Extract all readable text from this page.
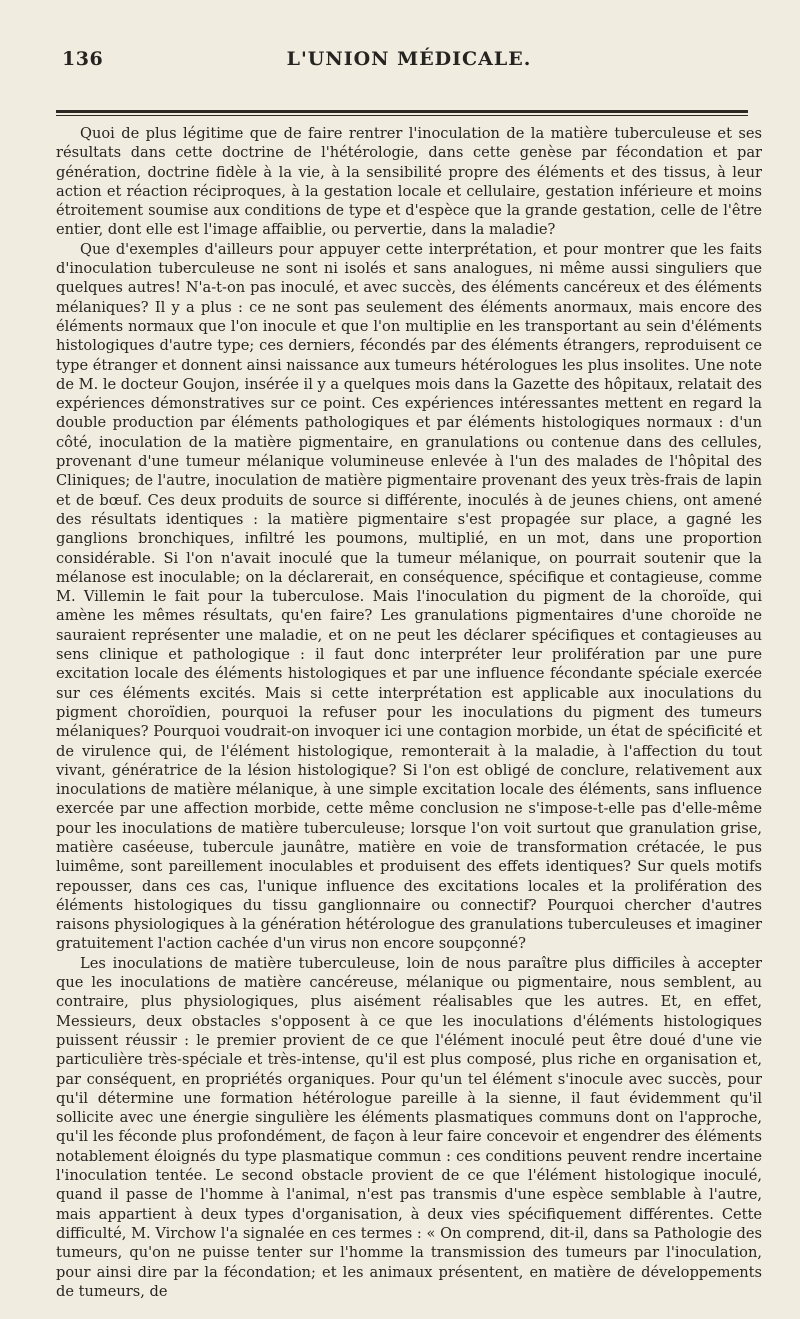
136	L'UNION MÉDICALE.

Quoi de plus légitime que de faire rentrer l'inoculation de la matière tuberculeuse et ses résultats dans cette doctrine de l'hétérologie, dans cette genèse par fécondation et par génération, doctrine fidèle à la vie, à la sensibilité propre des éléments et des tissus, à leur action et réaction réciproques, à la gestation locale et cellulaire, gestation inférieure et moins étroitement soumise aux conditions de type et d'espèce que la grande gestation, celle de l'être entier, dont elle est l'image affaiblie, ou pervertie, dans la maladie?

Que d'exemples d'ailleurs pour appuyer cette interprétation, et pour montrer que les faits d'inoculation tuberculeuse ne sont ni isolés et sans analogues, ni même aussi singuliers que quelques autres! N'a-t-on pas inoculé, et avec succès, des éléments cancéreux et des éléments mélaniques? Il y a plus : ce ne sont pas seulement des éléments anormaux, mais encore des éléments normaux que l'on inocule et que l'on multiplie en les transportant au sein d'éléments histologiques d'autre type; ces derniers, fécondés par des éléments étrangers, reproduisent ce type étranger et donnent ainsi naissance aux tumeurs hétérologues les plus insolites. Une note de M. le docteur Goujon, insérée il y a quelques mois dans la Gazette des hôpitaux, relatait des expériences démonstratives sur ce point. Ces expériences intéressantes mettent en regard la double production par éléments pathologiques et par éléments histologiques normaux : d'un côté, inoculation de la matière pigmentaire, en granulations ou contenue dans des cellules, provenant d'une tumeur mélanique volumineuse enlevée à l'un des malades de l'hôpital des Cliniques; de l'autre, inoculation de matière pigmentaire provenant des yeux très-frais de lapin et de bœuf. Ces deux produits de source si différente, inoculés à de jeunes chiens, ont amené des résultats identiques : la matière pigmentaire s'est propagée sur place, a gagné les ganglions bronchiques, infiltré les poumons, multiplié, en un mot, dans une proportion considérable. Si l'on n'avait inoculé que la tumeur mélanique, on pourrait soutenir que la mélanose est inoculable; on la déclarerait, en conséquence, spécifique et contagieuse, comme M. Villemin le fait pour la tuberculose. Mais l'inoculation du pigment de la choroïde, qui amène les mêmes résultats, qu'en faire? Les granulations pigmentaires d'une choroïde ne sauraient représenter une maladie, et on ne peut les déclarer spécifiques et contagieuses au sens clinique et pathologique : il faut donc interpréter leur prolifération par une pure excitation locale des éléments histologiques et par une influence fécondante spéciale exercée sur ces éléments excités. Mais si cette interprétation est applicable aux inoculations du pigment choroïdien, pourquoi la refuser pour les inoculations du pigment des tumeurs mélaniques? Pourquoi voudrait-on invoquer ici une contagion morbide, un état de spécificité et de virulence qui, de l'élément histologique, remonterait à la maladie, à l'affection du tout vivant, génératrice de la lésion histologique? Si l'on est obligé de conclure, relativement aux inoculations de matière mélanique, à une simple excitation locale des éléments, sans influence exercée par une affection morbide, cette même conclusion ne s'impose-t-elle pas d'elle-même pour les inoculations de matière tuberculeuse; lorsque l'on voit surtout que granulation grise, matière caséeuse, tubercule jaunâtre, matière en voie de transformation crétacée, le pus luimême, sont pareillement inoculables et produisent des effets identiques? Sur quels motifs repousser, dans ces cas, l'unique influence des excitations locales et la prolifération des éléments histologiques du tissu ganglionnaire ou connectif? Pourquoi chercher d'autres raisons physiologiques à la génération hétérologue des granulations tuberculeuses et imaginer gratuitement l'action cachée d'un virus non encore soupçonné?

Les inoculations de matière tuberculeuse, loin de nous paraître plus difficiles à accepter que les inoculations de matière cancéreuse, mélanique ou pigmentaire, nous semblent, au contraire, plus physiologiques, plus aisément réalisables que les autres. Et, en effet, Messieurs, deux obstacles s'opposent à ce que les inoculations d'éléments histologiques puissent réussir : le premier provient de ce que l'élément inoculé peut être doué d'une vie particulière très-spéciale et très-intense, qu'il est plus composé, plus riche en organisation et, par conséquent, en propriétés organiques. Pour qu'un tel élément s'inocule avec succès, pour qu'il détermine une formation hétérologue pareille à la sienne, il faut évidemment qu'il sollicite avec une énergie singulière les éléments plasmatiques communs dont on l'approche, qu'il les féconde plus profondément, de façon à leur faire concevoir et engendrer des éléments notablement éloignés du type plasmatique commun : ces conditions peuvent rendre incertaine l'inoculation tentée. Le second obstacle provient de ce que l'élément histologique inoculé, quand il passe de l'homme à l'animal, n'est pas transmis d'une espèce semblable à l'autre, mais appartient à deux types d'organisation, à deux vies spécifiquement différentes. Cette difficulté, M. Virchow l'a signalée en ces termes : « On comprend, dit-il, dans sa Pathologie des tumeurs, qu'on ne puisse tenter sur l'homme la transmission des tumeurs par l'inoculation, pour ainsi dire par la fécondation; et les animaux présentent, en matière de développements de tumeurs, de
